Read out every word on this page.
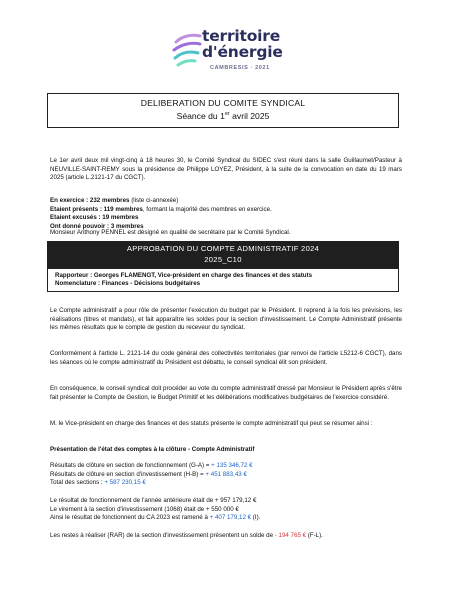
territoire
d'énergie
CAMBRESIS · 2021
DELIBERATION DU COMITE SYNDICAL
Séance du 1er avril 2025
Le 1er avril deux mil vingt-cinq à 18 heures 30, le Comité Syndical du SIDEC s'est réuni dans la salle Guillaumet/Pasteur à NEUVILLE-SAINT-REMY sous la présidence de Philippe LOYEZ, Président, à la suite de la convocation en date du 19 mars 2025 (article L.2121-17 du CGCT).
En exercice : 232 membres (liste ci-annexée)
Etaient présents : 119 membres, formant la majorité des membres en exercice.
Etaient excusés : 19 membres
Ont donné pouvoir : 3 membres
Monsieur Anthony PENNEL est désigné en qualité de secrétaire par le Comité Syndical.
APPROBATION DU COMPTE ADMINISTRATIF 2024
2025_C10
Rapporteur : Georges FLAMENGT, Vice-président en charge des finances et des statuts
Nomenclature : Finances - Décisions budgétaires
Le Compte administratif a pour rôle de présenter l'exécution du budget par le Président. Il reprend à la fois les prévisions, les réalisations (titres et mandats), et fait apparaître les soldes pour la section d'investissement. Le Compte Administratif présente les mêmes résultats que le compte de gestion du receveur du syndicat.
Conformément à l'article L. 2121-14 du code général des collectivités territoriales (par renvoi de l'article L5212-6 CGCT), dans les séances où le compte administratif du Président est débattu, le conseil syndical élit son président.
En conséquence, le conseil syndical doit procéder au vote du compte administratif dressé par Monsieur le Président après s'être fait présenter le Compte de Gestion, le Budget Primitif et les délibérations modificatives budgétaires de l'exercice considéré.
M. le Vice-président en charge des finances et des statuts présente le compte administratif qui peut se résumer ainsi :
Présentation de l'état des comptes à la clôture - Compte Administratif
Résultats de clôture en section de fonctionnement (G-A) = + 135 346,72 €
Résultats de clôture en section d'investissement (H-B) = + 451 883,43 €
Total des sections : + 587 230,15 €
Le résultat de fonctionnement de l'année antérieure était de + 957 179,12 €
Le virement à la section d'investissement (1068) était de + 550 000 €
Ainsi le résultat de fonctionnent du CA 2023 est ramené à + 407 179,12 € (I).
Les restes à réaliser (RAR) de la section d'investissement présentent un solde de - 194 765 € (F-L).
